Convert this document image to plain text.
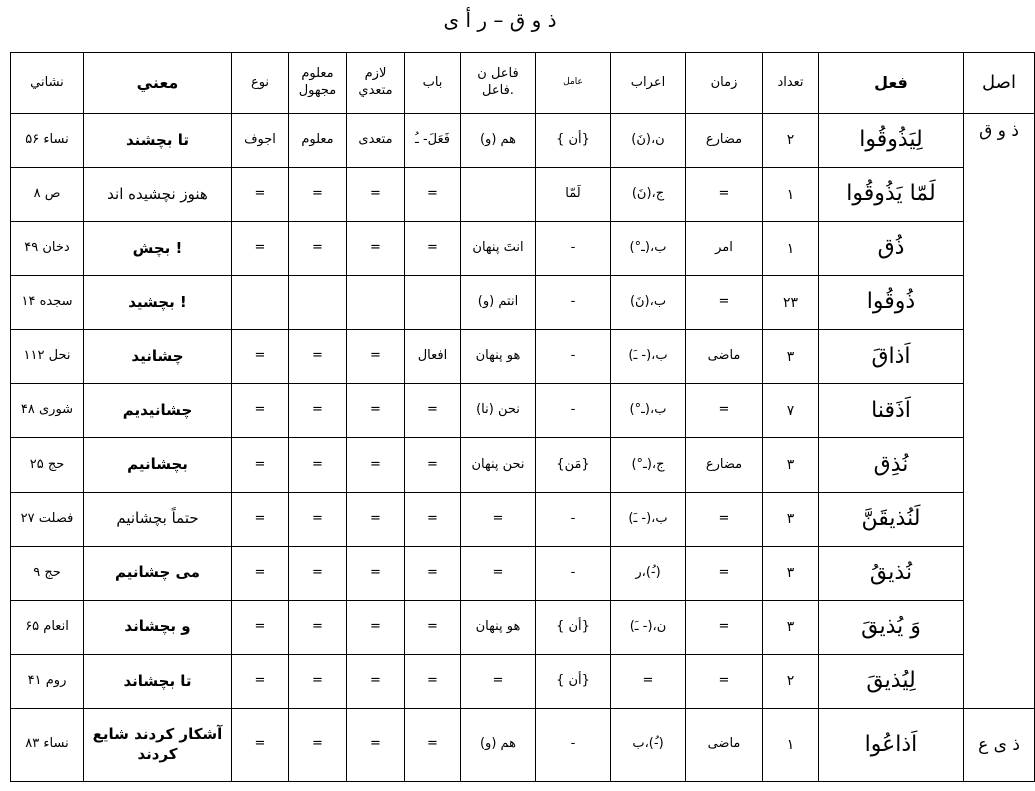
ذ و ق – ر أ ی
نشاني	معني	نوع	معلوم مجهول	لازم متعدي	باب	فاعل ن .فاعل	عامل	اعراب	زمان	تعداد	فعل	اصل
نساء ۵۶	تا بچشند	اجوف	معلوم	متعدى	فَعَلَ- ـُ	(و) هم	{ أن}	ن،(نَ)	مضارع	۲	لِيَذُوقُوا	ذ و ق
ص ۸	هنوز نچشيده اند	=	=	=	=		لَمّا	ج،(نَ)	=	۱	لَمّا يَذُوقُوا	
دخان ۴۹	بچش !	=	=	=	=	انتَ پنهان	-	ب،(ـ°)	امر	۱	ذُق	
سجده ۱۴	بچشيد !					(و) انتم	-	ب،(نَ)	=	۲۳	ذُوقُوا	
نحل ۱۱۲	چشانيد	=	=	=	افعال	هو پنهان	-	ب،(- ـَ)	ماضى	۳	اَذاقَ	
شورى ۴۸	چشانيديم	=	=	=	=	(نا) نحن	-	ب،(ـ°)	=	۷	اَذَقنا	
حج ۲۵	بچشانيم	=	=	=	=	نحن پنهان	{مَن}	ج،(ـ°)	مضارع	۳	نُذِق	
فصلت ۲۷	حتماً بچشانيم	=	=	=	=	=	-	ب،(- ـَ)	=	۳	لَنُذيقَنَّ	
حج ۹	مى چشانيم	=	=	=	=	=	-	ر،(-ُ)	=	۳	نُذيقُ	
انعام ۶۵	و بچشاند	=	=	=	=	هو پنهان	{ أن}	ن،(- ـَ)	=	۳	وَ يُذيقَ	
روم ۴۱	تا بچشاند	=	=	=	=	=	{ أن}	=	=	۲	لِيُذيقَ	
نساء ۸۳	آشكار كردند شايع كردند	=	=	=	=	(و) هم	-	ب،(-ُ)	ماضى	۱	اَذاعُوا	ذ ی ع
